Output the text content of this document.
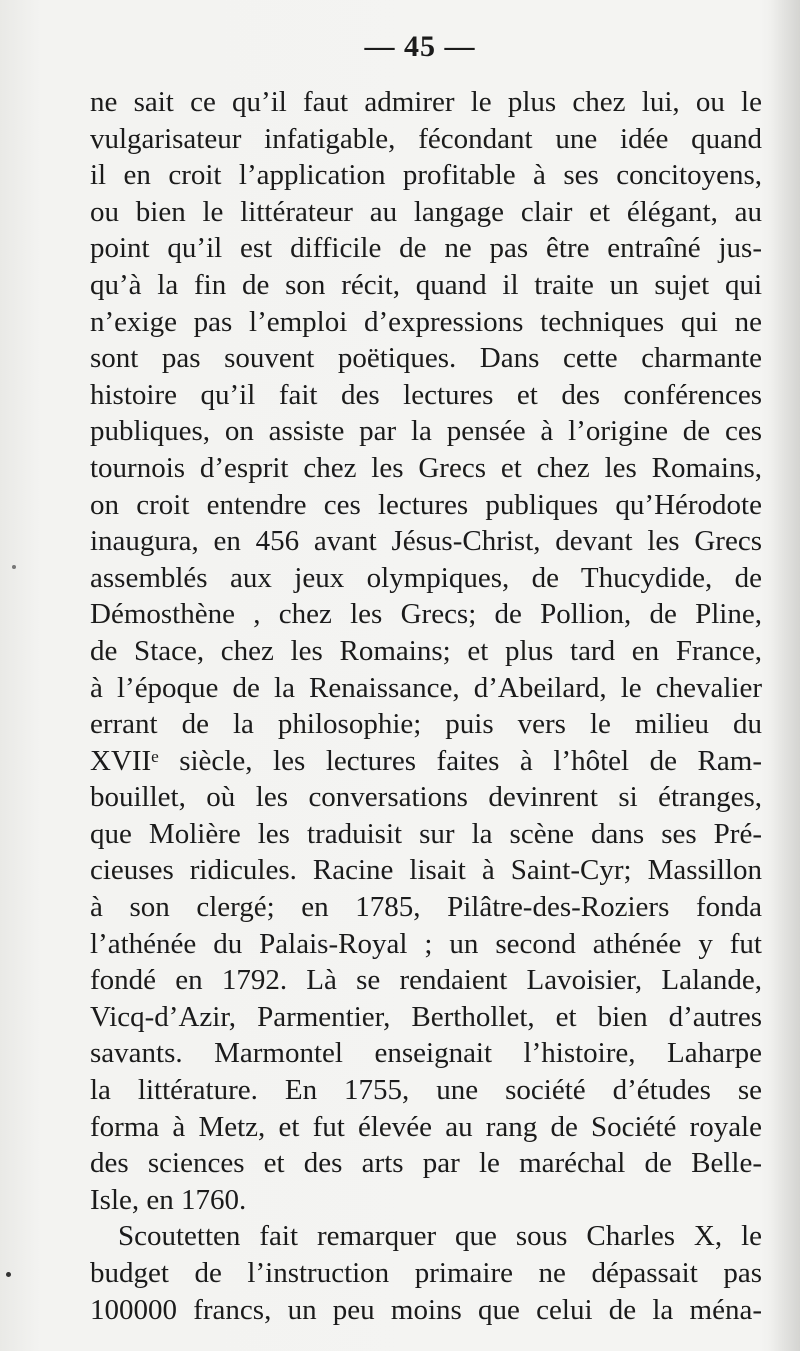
— 45 —
ne sait ce qu’il faut admirer le plus chez lui, ou le
vulgarisateur infatigable, fécondant une idée quand
il en croit l’application profitable à ses concitoyens,
ou bien le littérateur au langage clair et élégant, au
point qu’il est difficile de ne pas être entraîné jus-
qu’à la fin de son récit, quand il traite un sujet qui
n’exige pas l’emploi d’expressions techniques qui ne
sont pas souvent poëtiques. Dans cette charmante
histoire qu’il fait des lectures et des conférences
publiques, on assiste par la pensée à l’origine de ces
tournois d’esprit chez les Grecs et chez les Romains,
on croit entendre ces lectures publiques qu’Hérodote
inaugura, en 456 avant Jésus-Christ, devant les Grecs
assemblés aux jeux olympiques, de Thucydide, de
Démosthène , chez les Grecs; de Pollion, de Pline,
de Stace, chez les Romains; et plus tard en France,
à l’époque de la Renaissance, d’Abeilard, le chevalier
errant de la philosophie; puis vers le milieu du
XVIIᵉ siècle, les lectures faites à l’hôtel de Ram-
bouillet, où les conversations devinrent si étranges,
que Molière les traduisit sur la scène dans ses Pré-
cieuses ridicules. Racine lisait à Saint-Cyr; Massillon
à son clergé; en 1785, Pilâtre-des-Roziers fonda
l’athénée du Palais-Royal ; un second athénée y fut
fondé en 1792. Là se rendaient Lavoisier, Lalande,
Vicq-d’Azir, Parmentier, Berthollet, et bien d’autres
savants. Marmontel enseignait l’histoire, Laharpe
la littérature. En 1755, une société d’études se
forma à Metz, et fut élevée au rang de Société royale
des sciences et des arts par le maréchal de Belle-
Isle, en 1760.
Scoutetten fait remarquer que sous Charles X, le
budget de l’instruction primaire ne dépassait pas
100000 francs, un peu moins que celui de la ména-
